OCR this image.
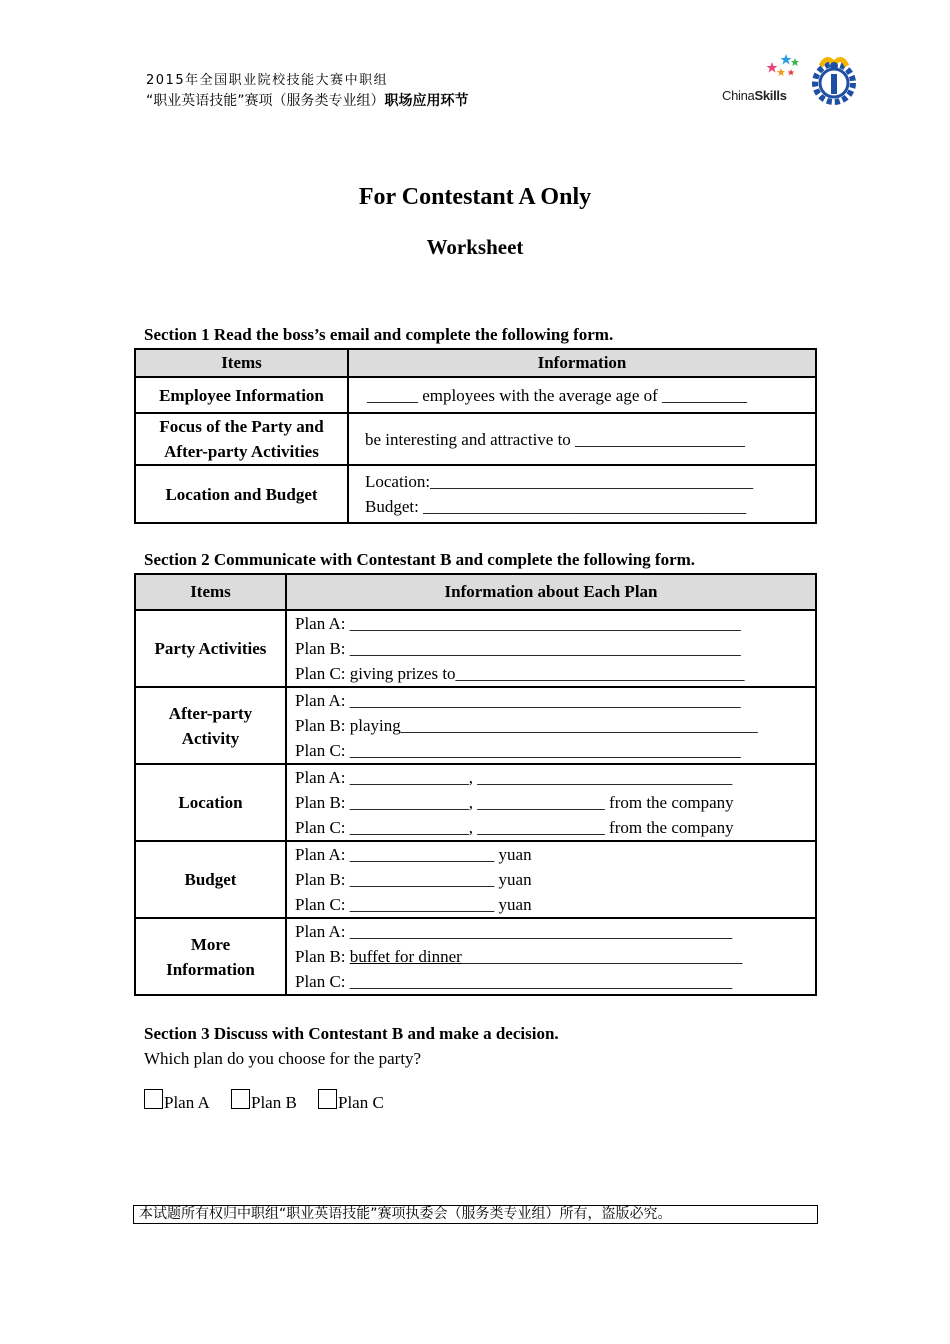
2015年全国职业院校技能大赛中职组
“职业英语技能”赛项（服务类专业组）职场应用环节	ChinaSkills
For Contestant A Only
Worksheet
Section 1 Read the boss’s email and complete the following form.
Items	Information
Employee Information	______ employees with the average age of __________
Focus of the Party and After-party Activities	be interesting and attractive to ____________________
Location and Budget	Location:______________________________________
Budget: ______________________________________
Section 2 Communicate with Contestant B and complete the following form.
Items	Information about Each Plan
Party Activities	Plan A: ______________________________________________
Plan B: ______________________________________________
Plan C: giving prizes to__________________________________

After-party Activity	Plan A: ______________________________________________
Plan B: playing__________________________________________
Plan C: ______________________________________________

Location	Plan A: ______________, ______________________________
Plan B: ______________, _______________ from the company
Plan C: ______________, _______________ from the company

Budget	Plan A: _________________ yuan
Plan B: _________________ yuan
Plan C: _________________ yuan

More Information	Plan A: _____________________________________________
Plan B: buffet for dinner_________________________________
Plan C: _____________________________________________
Section 3 Discuss with Contestant B and make a decision.
Which plan do you choose for the party?
Plan A	Plan B	Plan C
本试题所有权归中职组“职业英语技能”赛项执委会（服务类专业组）所有，盗版必究。
